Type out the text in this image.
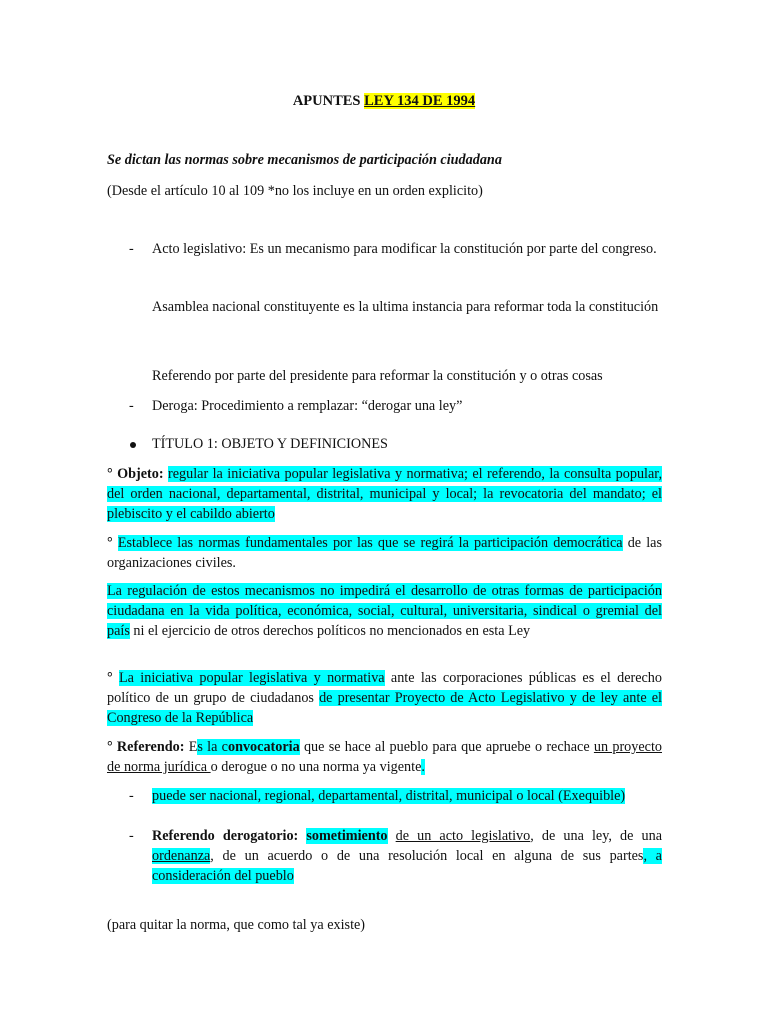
APUNTES LEY 134 DE 1994
Se dictan las normas sobre mecanismos de participación ciudadana
(Desde el artículo 10 al 109 *no los incluye en un orden explicito)
- Acto legislativo: Es un mecanismo para modificar la constitución por parte del congreso.
Asamblea nacional constituyente es la ultima instancia para reformar toda la constitución
Referendo por parte del presidente para reformar la constitución y o otras cosas
- Deroga: Procedimiento a remplazar: “derogar una ley”
TÍTULO 1: OBJETO Y DEFINICIONES
° Objeto: regular la iniciativa popular legislativa y normativa; el referendo, la consulta popular, del orden nacional, departamental, distrital, municipal y local; la revocatoria del mandato; el plebiscito y el cabildo abierto
° Establece las normas fundamentales por las que se regirá la participación democrática de las organizaciones civiles.
La regulación de estos mecanismos no impedirá el desarrollo de otras formas de participación ciudadana en la vida política, económica, social, cultural, universitaria, sindical o gremial del país ni el ejercicio de otros derechos políticos no mencionados en esta Ley
° La iniciativa popular legislativa y normativa ante las corporaciones públicas es el derecho político de un grupo de ciudadanos de presentar Proyecto de Acto Legislativo y de ley ante el Congreso de la República
° Referendo: Es la convocatoria que se hace al pueblo para que apruebe o rechace un proyecto de norma jurídica o derogue o no una norma ya vigente.
- puede ser nacional, regional, departamental, distrital, municipal o local (Exequible)
- Referendo derogatorio: sometimiento de un acto legislativo, de una ley, de una ordenanza, de un acuerdo o de una resolución local en alguna de sus partes, a consideración del pueblo
(para quitar la norma, que como tal ya existe)
